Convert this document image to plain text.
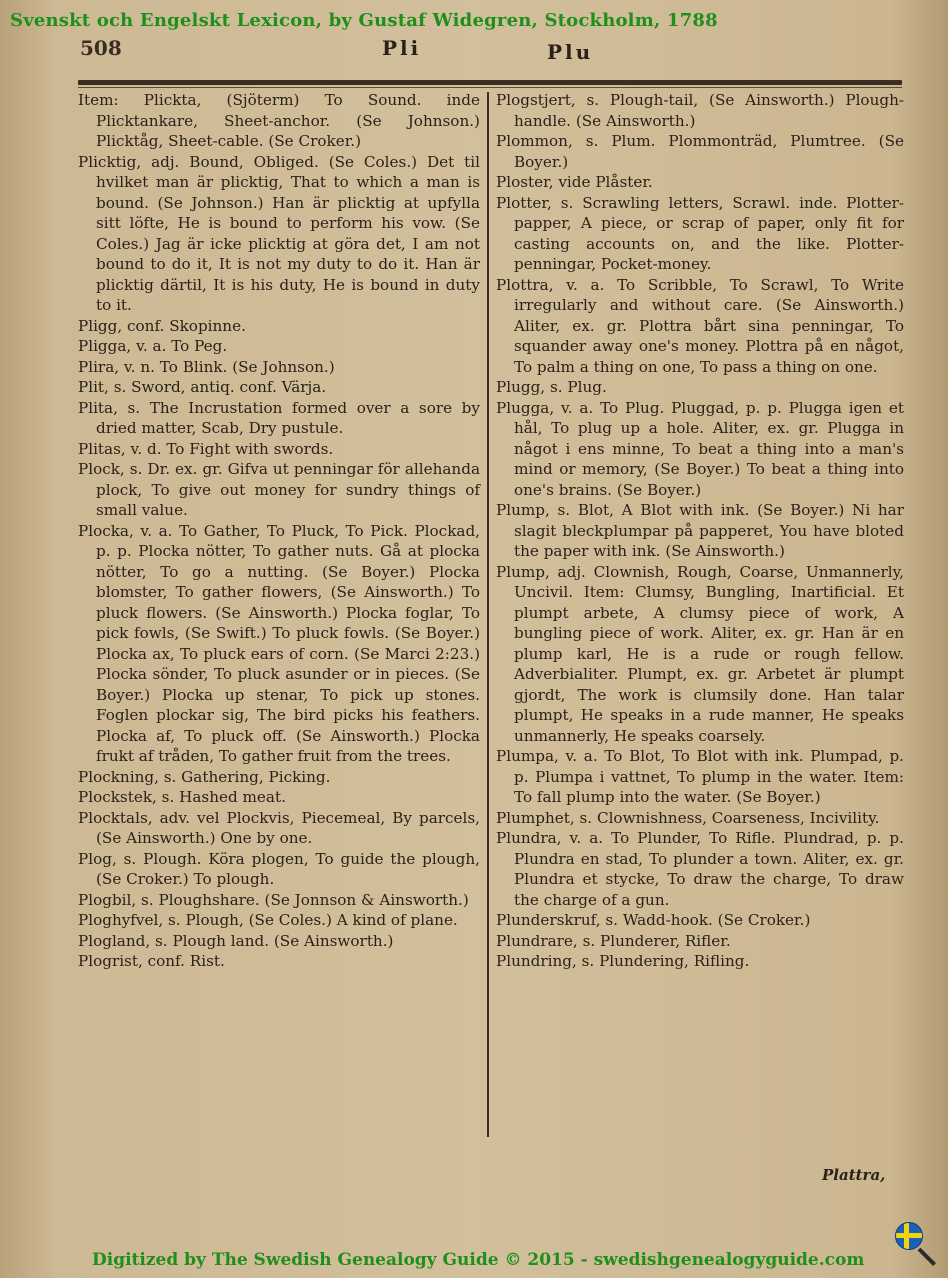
Svenskt och Engelskt Lexicon, by Gustaf Widegren, Stockholm, 1788
508	Pli	Plu

Item: Plickta, (Sjöterm) To Sound. inde Plicktankare, Sheet-anchor. (Se Johnson.) Plicktåg, Sheet-cable. (Se Croker.)

Plicktig, adj. Bound, Obliged. (Se Coles.) Det til hvilket man är plicktig, That to which a man is bound. (Se Johnson.) Han är plicktig at upfylla sitt löfte, He is bound to perform his vow. (Se Coles.) Jag är icke plicktig at göra det, I am not bound to do it, It is not my duty to do it. Han är plicktig därtil, It is his duty, He is bound in duty to it.

Pligg, conf. Skopinne.

Pligga, v. a. To Peg.

Plira, v. n. To Blink. (Se Johnson.)

Plit, s. Sword, antiq. conf. Värja.

Plita, s. The Incrustation formed over a sore by dried matter, Scab, Dry pustule.

Plitas, v. d. To Fight with swords.

Plock, s. Dr. ex. gr. Gifva ut penningar för allehanda plock, To give out money for sundry things of small value.

Plocka, v. a. To Gather, To Pluck, To Pick. Plockad, p. p. Plocka nötter, To gather nuts. Gå at plocka nötter, To go a nutting. (Se Boyer.) Plocka blomster, To gather flowers, (Se Ainsworth.) To pluck flowers. (Se Ainsworth.) Plocka foglar, To pick fowls, (Se Swift.) To pluck fowls. (Se Boyer.) Plocka ax, To pluck ears of corn. (Se Marci 2:23.) Plocka sönder, To pluck asunder or in pieces. (Se Boyer.) Plocka up stenar, To pick up stones. Foglen plockar sig, The bird picks his feathers. Plocka af, To pluck off. (Se Ainsworth.) Plocka frukt af tråden, To gather fruit from the trees.

Plockning, s. Gathering, Picking.

Plockstek, s. Hashed meat.

Plocktals, adv. vel Plockvis, Piecemeal, By parcels, (Se Ainsworth.) One by one.

Plog, s. Plough. Köra plogen, To guide the plough, (Se Croker.) To plough.

Plogbil, s. Ploughshare. (Se Jonnson & Ainsworth.)

Ploghyfvel, s. Plough, (Se Coles.) A kind of plane.

Plogland, s. Plough land. (Se Ainsworth.)

Plogrist, conf. Rist.

Plogstjert, s. Plough-tail, (Se Ainsworth.) Plough-handle. (Se Ainsworth.)

Plommon, s. Plum. Plommonträd, Plumtree. (Se Boyer.)

Ploster, vide Plåster.

Plotter, s. Scrawling letters, Scrawl. inde. Plotter-papper, A piece, or scrap of paper, only fit for casting accounts on, and the like. Plotter-penningar, Pocket-money.

Plottra, v. a. To Scribble, To Scrawl, To Write irregularly and without care. (Se Ainsworth.) Aliter, ex. gr. Plottra bårt sina penningar, To squander away one's money. Plottra på en något, To palm a thing on one, To pass a thing on one.

Plugg, s. Plug.

Plugga, v. a. To Plug. Pluggad, p. p. Plugga igen et hål, To plug up a hole. Aliter, ex. gr. Plugga in något i ens minne, To beat a thing into a man's mind or memory, (Se Boyer.) To beat a thing into one's brains. (Se Boyer.)

Plump, s. Blot, A Blot with ink. (Se Boyer.) Ni har slagit bleckplumpar på papperet, You have bloted the paper with ink. (Se Ainsworth.)

Plump, adj. Clownish, Rough, Coarse, Unmannerly, Uncivil. Item: Clumsy, Bungling, Inartificial. Et plumpt arbete, A clumsy piece of work, A bungling piece of work. Aliter, ex. gr. Han är en plump karl, He is a rude or rough fellow. Adverbialiter. Plumpt, ex. gr. Arbetet är plumpt gjordt, The work is clumsily done. Han talar plumpt, He speaks in a rude manner, He speaks unmannerly, He speaks coarsely.

Plumpa, v. a. To Blot, To Blot with ink. Plumpad, p. p. Plumpa i vattnet, To plump in the water. Item: To fall plump into the water. (Se Boyer.)

Plumphet, s. Clownishness, Coarseness, Incivility.

Plundra, v. a. To Plunder, To Rifle. Plundrad, p. p. Plundra en stad, To plunder a town. Aliter, ex. gr. Plundra et stycke, To draw the charge, To draw the charge of a gun.

Plunderskruf, s. Wadd-hook. (Se Croker.)

Plundrare, s. Plunderer, Rifler.

Plundring, s. Plundering, Rifling.

Plattra,
Digitized by The Swedish Genealogy Guide © 2015 - swedishgenealogyguide.com
